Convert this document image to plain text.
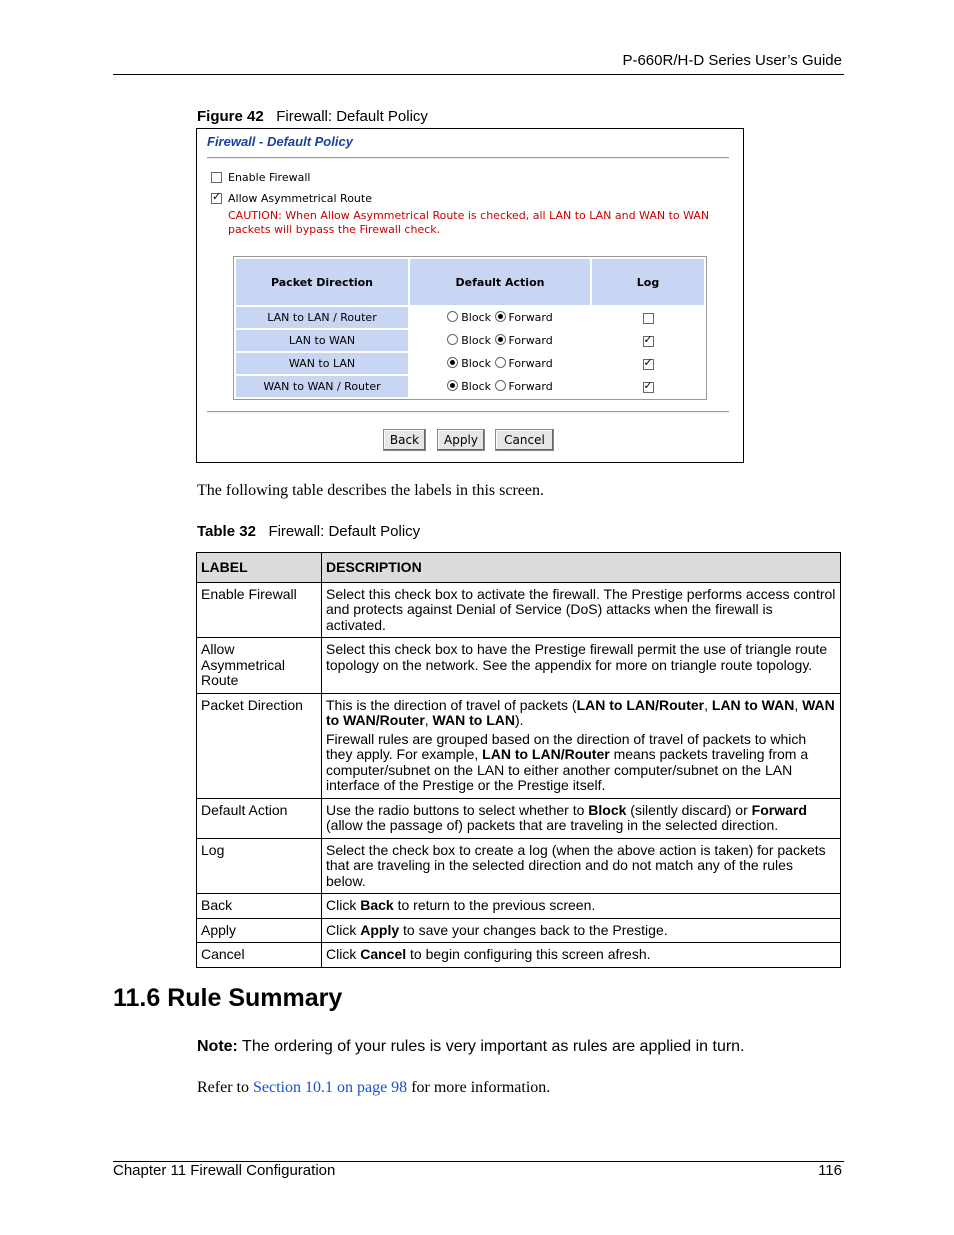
P-660R/H-D Series User’s Guide
Figure 42 Firewall: Default Policy
Firewall - Default Policy
Enable Firewall
✓
Allow Asymmetrical Route
CAUTION: When Allow Asymmetrical Route is checked, all LAN to LAN and WAN to WAN packets will bypass the Firewall check.
Packet Direction	Default Action	Log
LAN to LAN / Router	Block Forward	
LAN to WAN	Block Forward	✓
WAN to LAN	Block Forward	✓
WAN to WAN / Router	Block Forward	✓
Back	Apply	Cancel
The following table describes the labels in this screen.
Table 32 Firewall: Default Policy
LABEL	DESCRIPTION
Enable Firewall	Select this check box to activate the firewall. The Prestige performs access control and protects against Denial of Service (DoS) attacks when the firewall is activated.
Allow Asymmetrical Route	Select this check box to have the Prestige firewall permit the use of triangle route topology on the network. See the appendix for more on triangle route topology.
Packet Direction	This is the direction of travel of packets (LAN to LAN/Router, LAN to WAN, WAN to WAN/Router, WAN to LAN).

Firewall rules are grouped based on the direction of travel of packets to which they apply. For example, LAN to LAN/Router means packets traveling from a computer/subnet on the LAN to either another computer/subnet on the LAN interface of the Prestige or the Prestige itself.

Default Action	Use the radio buttons to select whether to Block (silently discard) or Forward (allow the passage of) packets that are traveling in the selected direction.
Log	Select the check box to create a log (when the above action is taken) for packets that are traveling in the selected direction and do not match any of the rules below.
Back	Click Back to return to the previous screen.
Apply	Click Apply to save your changes back to the Prestige.
Cancel	Click Cancel to begin configuring this screen afresh.
11.6 Rule Summary
Note: The ordering of your rules is very important as rules are applied in turn.
Refer to Section 10.1 on page 98 for more information.
Chapter 11 Firewall Configuration	116
